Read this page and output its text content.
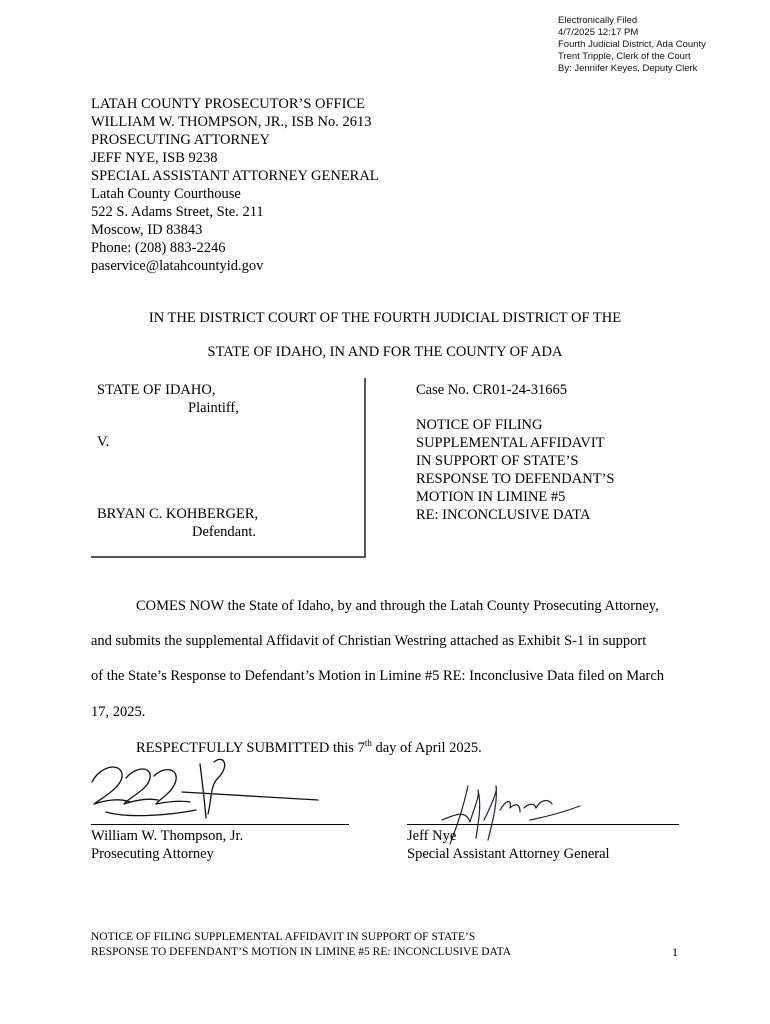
Electronically Filed
4/7/2025 12:17 PM
Fourth Judicial District, Ada County
Trent Tripple, Clerk of the Court
By: Jennifer Keyes, Deputy Clerk
LATAH COUNTY PROSECUTOR’S OFFICE
WILLIAM W. THOMPSON, JR., ISB No. 2613
PROSECUTING ATTORNEY
JEFF NYE, ISB 9238
SPECIAL ASSISTANT ATTORNEY GENERAL
Latah County Courthouse
522 S. Adams Street, Ste. 211
Moscow, ID 83843
Phone: (208) 883-2246
paservice@latahcountyid.gov
IN THE DISTRICT COURT OF THE FOURTH JUDICIAL DISTRICT OF THE
STATE OF IDAHO, IN AND FOR THE COUNTY OF ADA
STATE OF IDAHO,
Plaintiff,
V.
BRYAN C. KOHBERGER,
Defendant.
Case No. CR01-24-31665
NOTICE OF FILING
SUPPLEMENTAL AFFIDAVIT
IN SUPPORT OF STATE’S
RESPONSE TO DEFENDANT’S
MOTION IN LIMINE #5
RE: INCONCLUSIVE DATA
COMES NOW the State of Idaho, by and through the Latah County Prosecuting Attorney,
and submits the supplemental Affidavit of Christian Westring attached as Exhibit S-1 in support
of the State’s Response to Defendant’s Motion in Limine #5 RE: Inconclusive Data filed on March
17, 2025.
RESPECTFULLY SUBMITTED this 7th day of April 2025.
William W. Thompson, Jr.
Prosecuting Attorney
Jeff Nye
Special Assistant Attorney General
NOTICE OF FILING SUPPLEMENTAL AFFIDAVIT IN SUPPORT OF STATE’S
RESPONSE TO DEFENDANT’S MOTION IN LIMINE #5 RE: INCONCLUSIVE DATA	1
